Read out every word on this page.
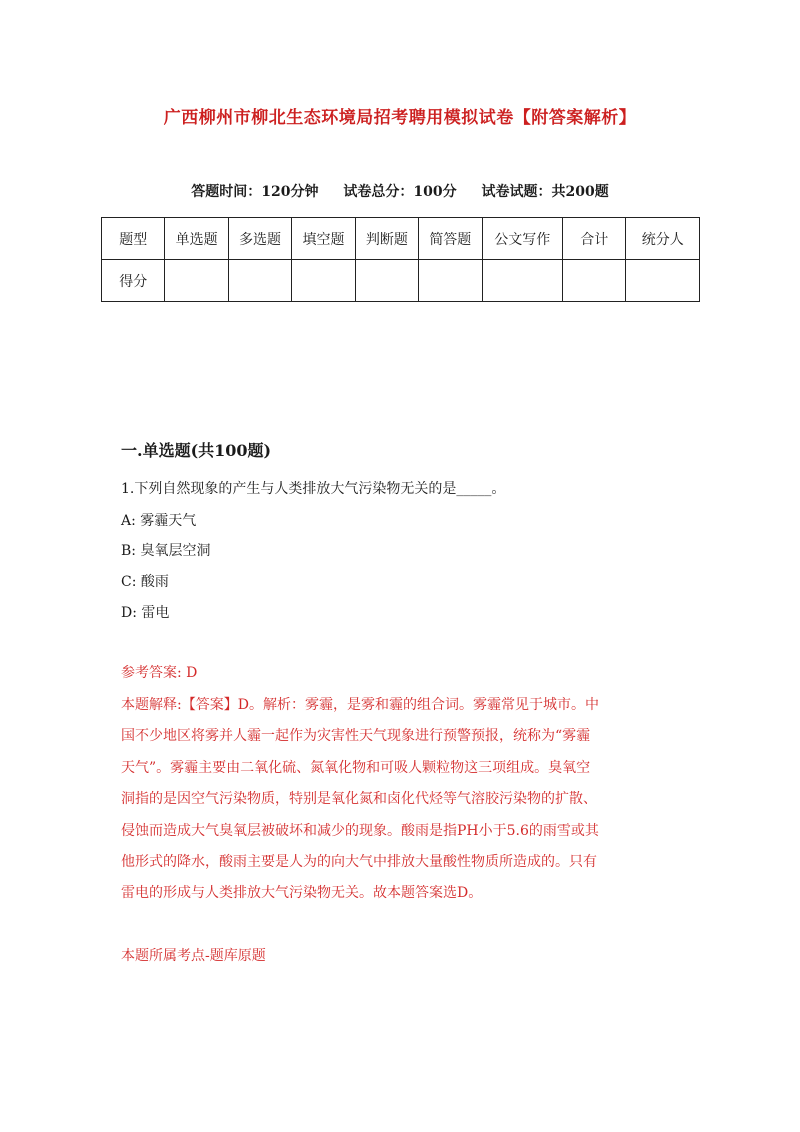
广西柳州市柳北生态环境局招考聘用模拟试卷【附答案解析】
答题时间：120分钟 试卷总分：100分 试卷试题：共200题
题型	单选题	多选题	填空题	判断题	简答题	公文写作	合计	统分人
得分								
一.单选题(共100题)
1.下列自然现象的产生与人类排放大气污染物无关的是_____。
A: 雾霾天气
B: 臭氧层空洞
C: 酸雨
D: 雷电
参考答案: D
本题解释:【答案】D。解析：雾霾，是雾和霾的组合词。雾霾常见于城市。中
国不少地区将雾并人霾一起作为灾害性天气现象进行预警预报，统称为“雾霾
天气”。雾霾主要由二氧化硫、氮氧化物和可吸人颗粒物这三项组成。臭氧空
洞指的是因空气污染物质，特别是氧化氮和卤化代烃等气溶胶污染物的扩散、
侵蚀而造成大气臭氧层被破坏和减少的现象。酸雨是指PH小于5.6的雨雪或其
他形式的降水，酸雨主要是人为的向大气中排放大量酸性物质所造成的。只有
雷电的形成与人类排放大气污染物无关。故本题答案选D。
本题所属考点-题库原题
